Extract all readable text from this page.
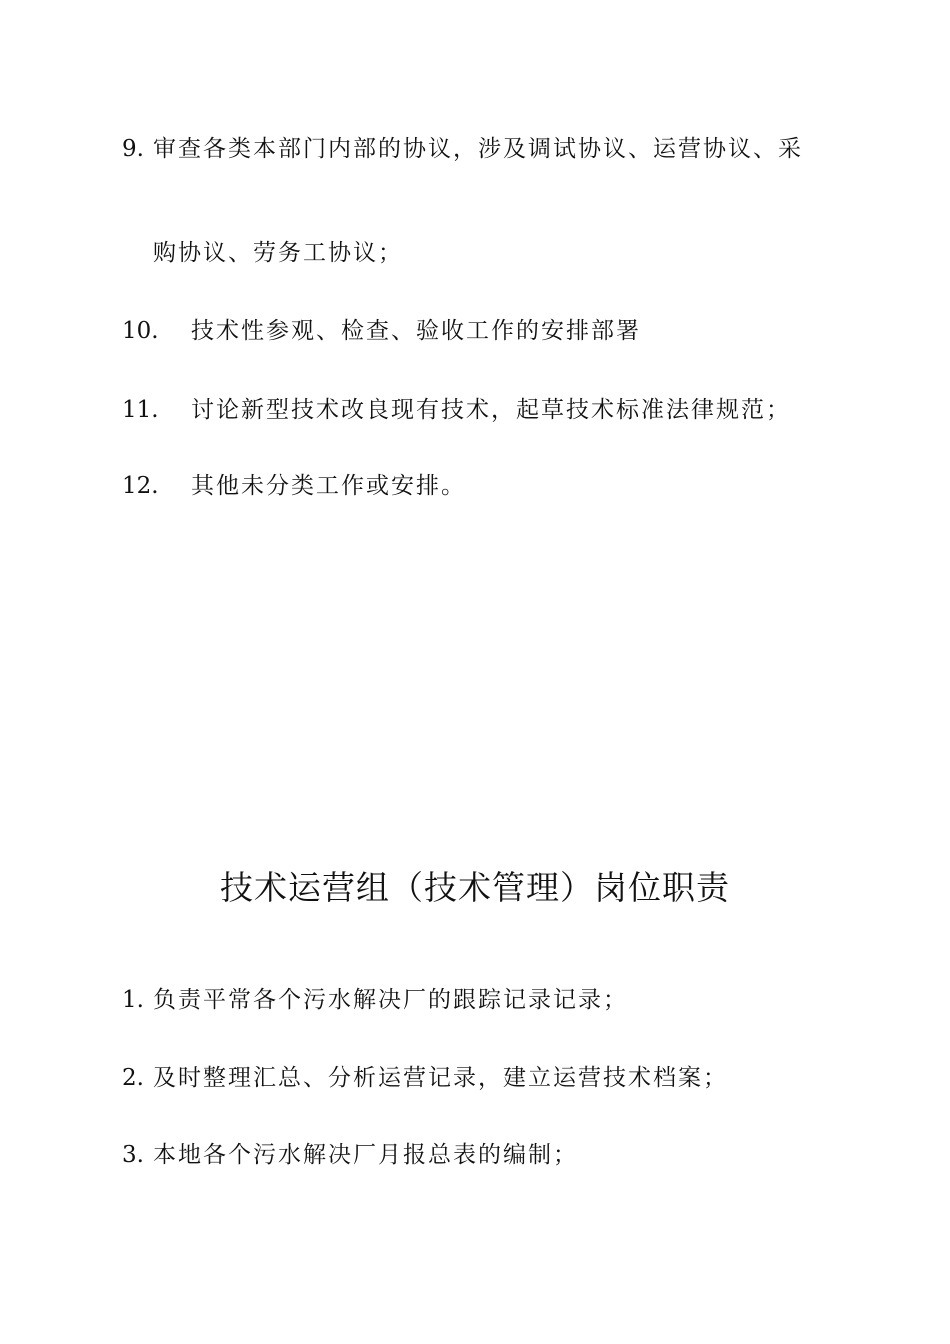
9. 审查各类本部门内部的协议，涉及调试协议、运营协议、采
购协议、劳务工协议；
10. 技术性参观、检查、验收工作的安排部署
11. 讨论新型技术改良现有技术，起草技术标准法律规范；
12. 其他未分类工作或安排。
技术运营组（技术管理）岗位职责
1. 负责平常各个污水解决厂的跟踪记录记录；
2. 及时整理汇总、分析运营记录，建立运营技术档案；
3. 本地各个污水解决厂月报总表的编制；
